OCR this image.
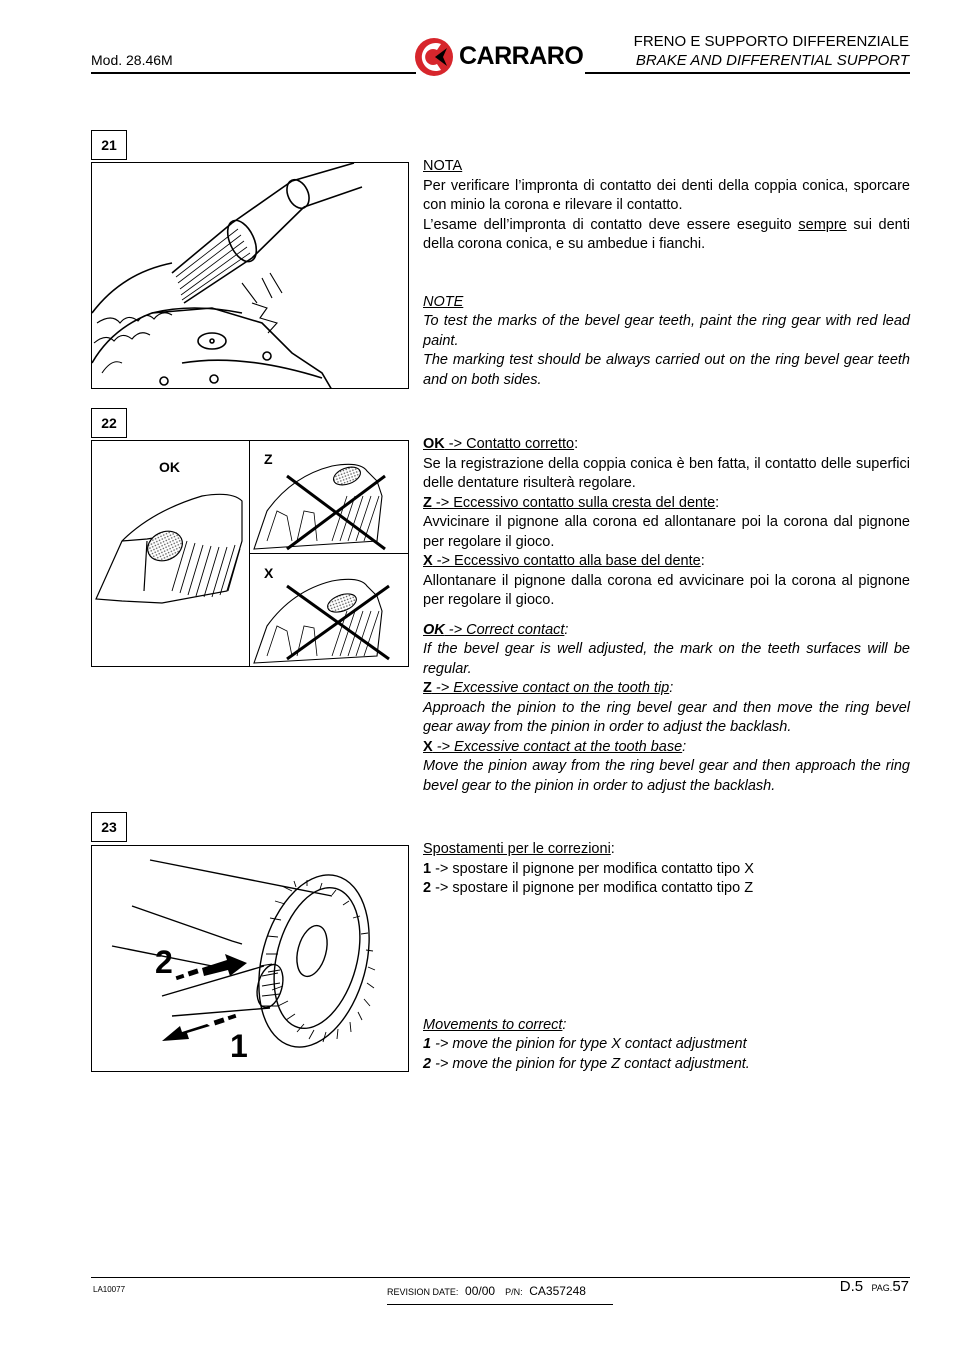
Mod. 28.46M	CARRARO
FRENO E SUPPORTO DIFFERENZIALE
BRAKE AND DIFFERENTIAL SUPPORT
21

NOTA

Per verificare l’impronta di contatto dei denti della coppia conica, sporcare con minio la corona e rilevare il contatto.

L’esame dell’impronta di contatto deve essere eseguito sempre sui denti della corona conica, e su ambedue i fianchi.

NOTE

To test the marks of the bevel gear teeth, paint the ring gear with red lead paint.

The marking test should be always carried out on the ring bevel gear teeth and on both sides.

22
OK	Z
X

OK -> Contatto corretto:

Se la registrazione della coppia conica è ben fatta, il contatto delle superfici delle dentature risulterà regolare.

Z -> Eccessivo contatto sulla cresta del dente:

Avvicinare il pignone alla corona ed allontanare poi la corona dal pignone per regolare il gioco.

X -> Eccessivo contatto alla base del dente:

Allontanare il pignone dalla corona ed avvicinare poi la corona al pignone per regolare il gioco.

OK -> Correct contact:

If the bevel gear is well adjusted, the mark on the teeth surfaces will be regular.

Z -> Excessive contact on the tooth tip:

Approach the pinion to the ring bevel gear and then move the ring bevel gear away from the pinion in order to adjust the backlash.

X -> Excessive contact at the tooth base:

Move the pinion away from the ring bevel gear and then approach the ring bevel gear to the pinion in order to adjust the backlash.

23
2
1

Spostamenti per le correzioni:

1 -> spostare il pignone per modifica contatto tipo X

2 -> spostare il pignone per modifica contatto tipo Z

Movements to correct:

1 -> move the pinion for type X contact adjustment

2 -> move the pinion for type Z contact adjustment.

LA10077	REVISION DATE: 00/00 P/N: CA357248	D.5 PAG.57
